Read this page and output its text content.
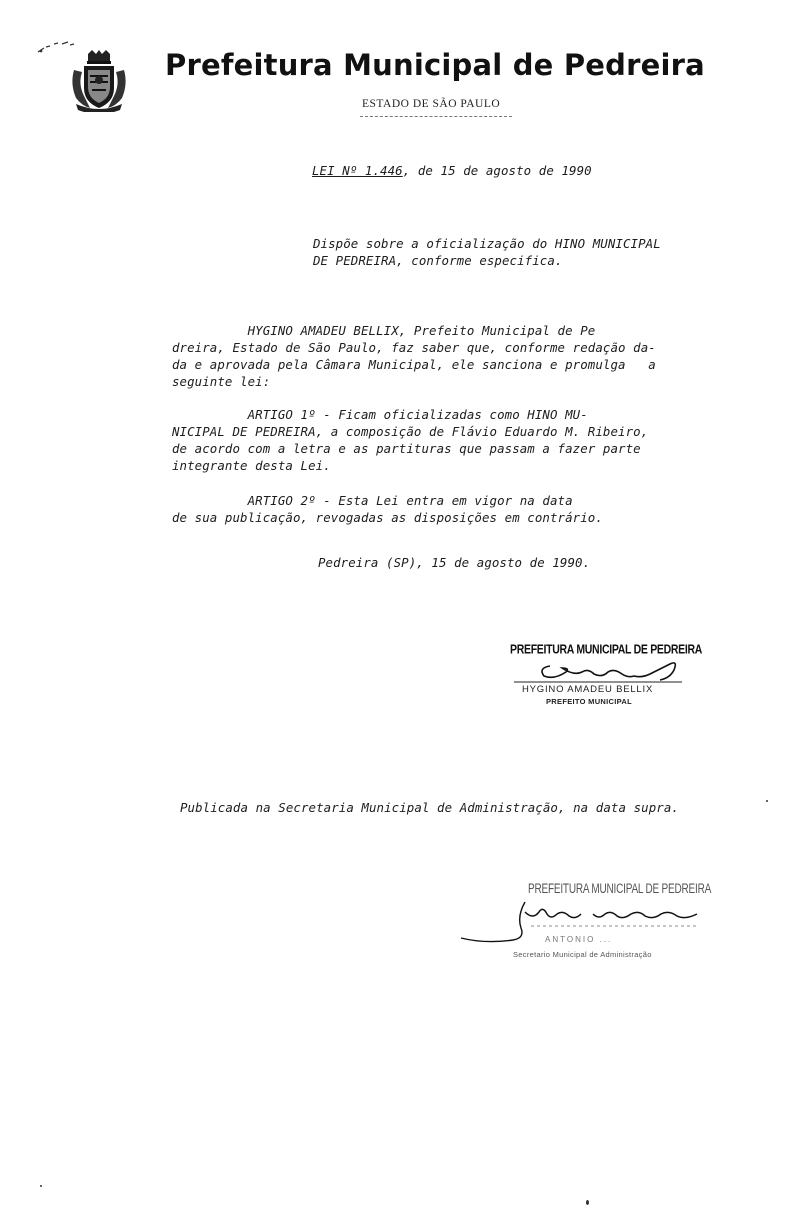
Prefeitura Municipal de Pedreira
ESTADO DE SÃO PAULO
LEI Nº 1.446, de 15 de agosto de 1990
Dispõe sobre a oficialização do HINO MUNICIPAL
DE PEDREIRA, conforme especifica.
HYGINO AMADEU BELLIX, Prefeito Municipal de Pe
dreira, Estado de São Paulo, faz saber que, conforme redação da-
da e aprovada pela Câmara Municipal, ele sanciona e promulga   a
seguinte lei:
ARTIGO 1º - Ficam oficializadas como HINO MU-
NICIPAL DE PEDREIRA, a composição de Flávio Eduardo M. Ribeiro,
de acordo com a letra e as partituras que passam a fazer parte
integrante desta Lei.
ARTIGO 2º - Esta Lei entra em vigor na data
de sua publicação, revogadas as disposições em contrário.
Pedreira (SP), 15 de agosto de 1990.
PREFEITURA MUNICIPAL DE PEDREIRA
HYGINO AMADEU BELLIX
PREFEITO MUNICIPAL
Publicada na Secretaria Municipal de Administração, na data supra.
PREFEITURA MUNICIPAL DE PEDREIRA
ANTONIO ...
Secretario Municipal de Administração
